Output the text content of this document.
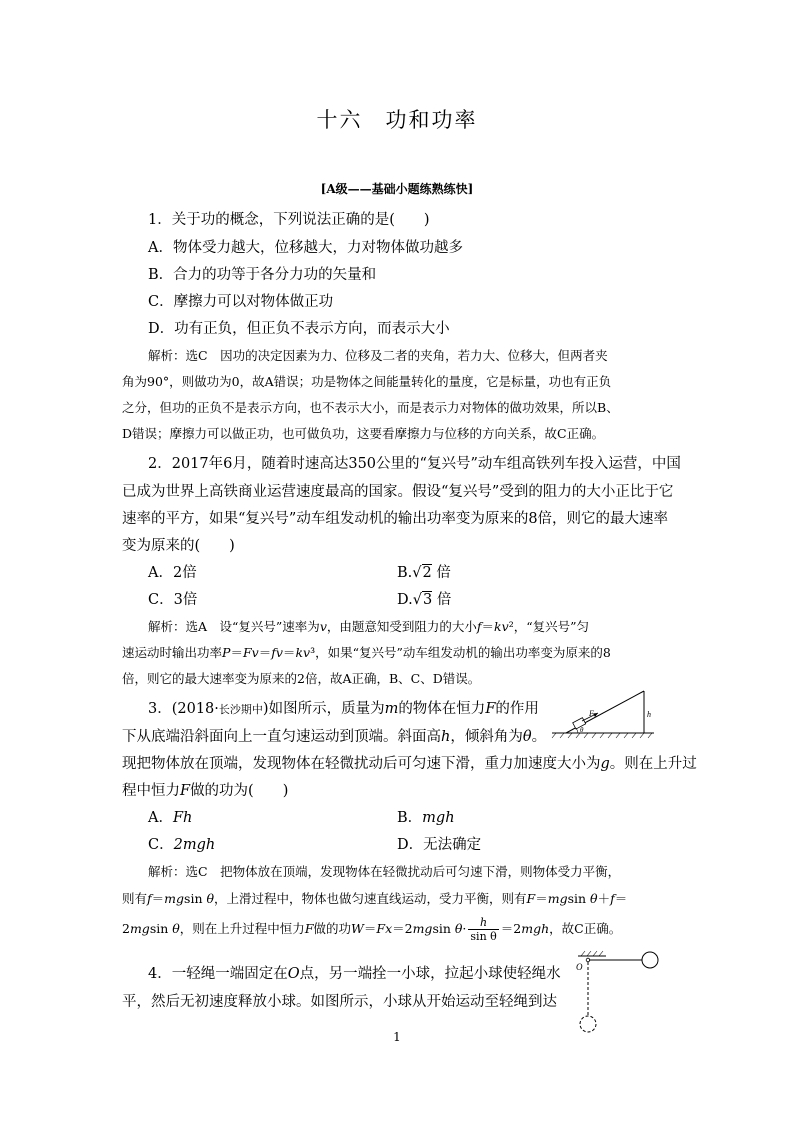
十六　功和功率
[A级——基础小题练熟练快]
1．关于功的概念，下列说法正确的是(　　)
A．物体受力越大，位移越大，力对物体做功越多
B．合力的功等于各分力功的矢量和
C．摩擦力可以对物体做正功
D．功有正负，但正负不表示方向，而表示大小
解析：选C　因功的决定因素为力、位移及二者的夹角，若力大、位移大，但两者夹
角为90°，则做功为0，故A错误；功是物体之间能量转化的量度，它是标量，功也有正负
之分，但功的正负不是表示方向，也不表示大小，而是表示力对物体的做功效果，所以B、
D错误；摩擦力可以做正功，也可做负功，这要看摩擦力与位移的方向关系，故C正确。
2．2017年6月，随着时速高达350公里的“复兴号”动车组高铁列车投入运营，中国
已成为世界上高铁商业运营速度最高的国家。假设“复兴号”受到的阻力的大小正比于它
速率的平方，如果“复兴号”动车组发动机的输出功率变为原来的8倍，则它的最大速率
变为原来的(　　)
A．2倍	B.√2 倍
C．3倍	D.√3 倍
解析：选A　设“复兴号”速率为v，由题意知受到阻力的大小f＝kv²，“复兴号”匀
速运动时输出功率P＝Fv＝fv＝kv³，如果“复兴号”动车组发动机的输出功率变为原来的8
倍，则它的最大速率变为原来的2倍，故A正确，B、C、D错误。
3．(2018·长沙期中)如图所示，质量为m的物体在恒力F的作用
下从底端沿斜面向上一直匀速运动到顶端。斜面高h，倾斜角为θ。
现把物体放在顶端，发现物体在轻微扰动后可匀速下滑，重力加速度大小为g。则在上升过
程中恒力F做的功为(　　)
F
θ
h
A．Fh	B．mgh
C．2mgh	D．无法确定
解析：选C　把物体放在顶端，发现物体在轻微扰动后可匀速下滑，则物体受力平衡，
则有f＝mgsin θ，上滑过程中，物体也做匀速直线运动，受力平衡，则有F＝mgsin θ＋f＝
2mgsin θ，则在上升过程中恒力F做的功W＝Fx＝2mgsin $\theta\cdot \frac{h}{\text{sin θ}} =2mgh$，故C正确。
4．一轻绳一端固定在O点，另一端拴一小球，拉起小球使轻绳水
平，然后无初速度释放小球。如图所示，小球从开始运动至轻绳到达
O
1
